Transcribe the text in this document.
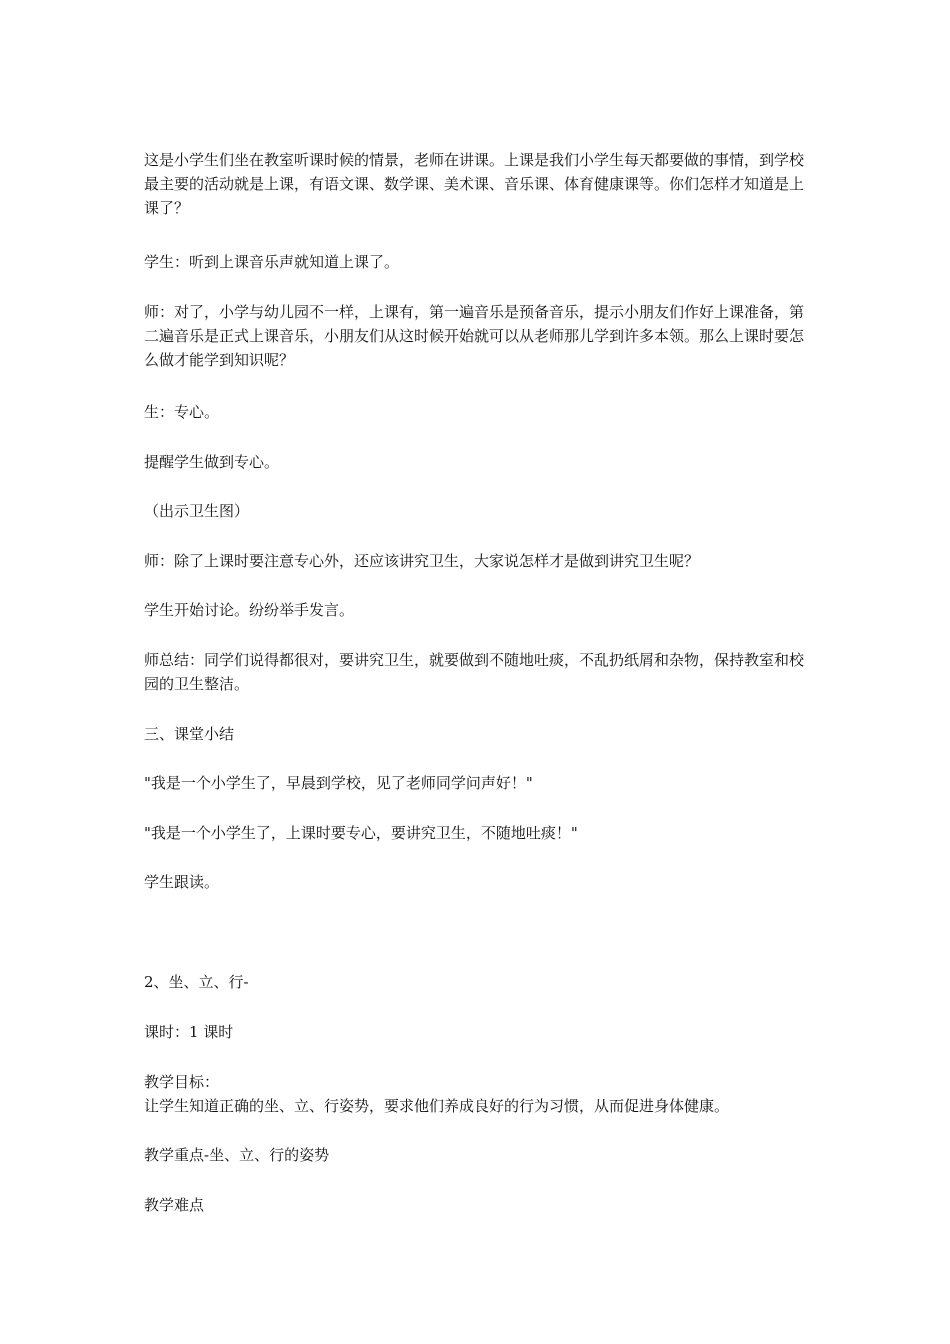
这是小学生们坐在教室听课时候的情景，老师在讲课。上课是我们小学生每天都要做的事情，到学校最主要的活动就是上课，有语文课、数学课、美术课、音乐课、体育健康课等。你们怎样才知道是上课了？

学生：听到上课音乐声就知道上课了。

师：对了，小学与幼儿园不一样，上课有，第一遍音乐是预备音乐，提示小朋友们作好上课准备，第二遍音乐是正式上课音乐，小朋友们从这时候开始就可以从老师那儿学到许多本领。那么上课时要怎么做才能学到知识呢？

生：专心。

提醒学生做到专心。

（出示卫生图）

师：除了上课时要注意专心外，还应该讲究卫生，大家说怎样才是做到讲究卫生呢？

学生开始讨论。纷纷举手发言。

师总结：同学们说得都很对，要讲究卫生，就要做到不随地吐痰，不乱扔纸屑和杂物，保持教室和校园的卫生整洁。

三、课堂小结

"我是一个小学生了，早晨到学校，见了老师同学问声好！"

"我是一个小学生了，上课时要专心，要讲究卫生，不随地吐痰！"

学生跟读。

2、坐、立、行-

课时：1 课时

教学目标：

让学生知道正确的坐、立、行姿势，要求他们养成良好的行为习惯，从而促进身体健康。

教学重点-坐、立、行的姿势

教学难点
